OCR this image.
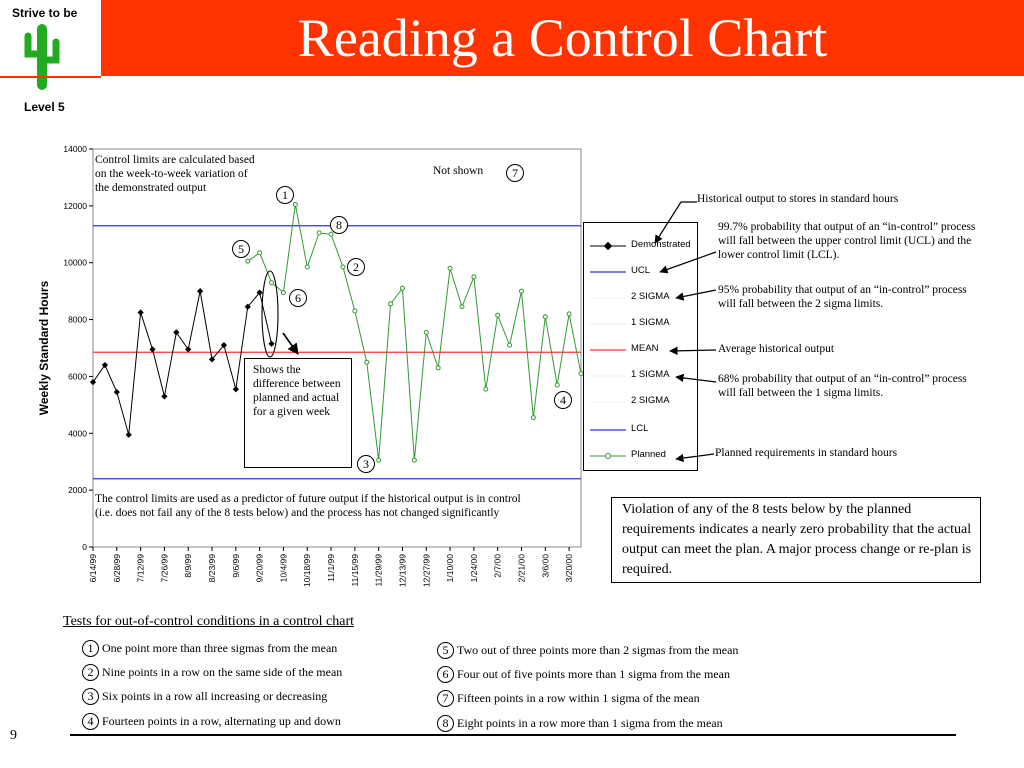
Reading a Control Chart
Strive to be
Level 5
0
2000
4000
6000
8000
10000
12000
14000
Weekly Standard Hours
6/14/99 6/28/99 7/12/99 7/26/99 8/9/99 8/23/99 9/6/99 9/20/99 10/4/99 10/18/99 11/1/99 11/15/99 11/29/99 12/13/99 12/27/99 1/10/00 1/24/00 2/7/00 2/21/00 3/6/00 3/20/00
Control limits are calculated based on the week-to-week variation of the demonstrated output
Not shown
Shows the difference between planned and actual for a given week
The control limits are used as a predictor of future output if the historical output is in control (i.e. does not fail any of the 8 tests below) and the process has not changed significantly
1
2
3
4
5
6
7
8
Demonstrated
UCL
2 SIGMA
1 SIGMA
MEAN
1 SIGMA
2 SIGMA
LCL
Planned
Historical output to stores in standard hours
99.7% probability that output of an “in-control” process will fall between the upper control limit (UCL) and the lower control limit (LCL).
95% probability that output of an “in-control” process will fall between the 2 sigma limits.
Average historical output
68% probability that output of an “in-control” process will fall between the 1 sigma limits.
Planned requirements in standard hours
Violation of any of the 8 tests below by the planned requirements indicates a nearly zero probability that the actual output can meet the plan. A major process change or re-plan is required.
Tests for out-of-control conditions in a control chart
1 One point more than three sigmas from the mean
2 Nine points in a row on the same side of the mean
3 Six points in a row all increasing or decreasing
4 Fourteen points in a row, alternating up and down
5 Two out of three points more than 2 sigmas from the mean
6 Four out of five points more than 1 sigma from the mean
7 Fifteen points in a row within 1 sigma of the mean
8 Eight points in a row more than 1 sigma from the mean
9
